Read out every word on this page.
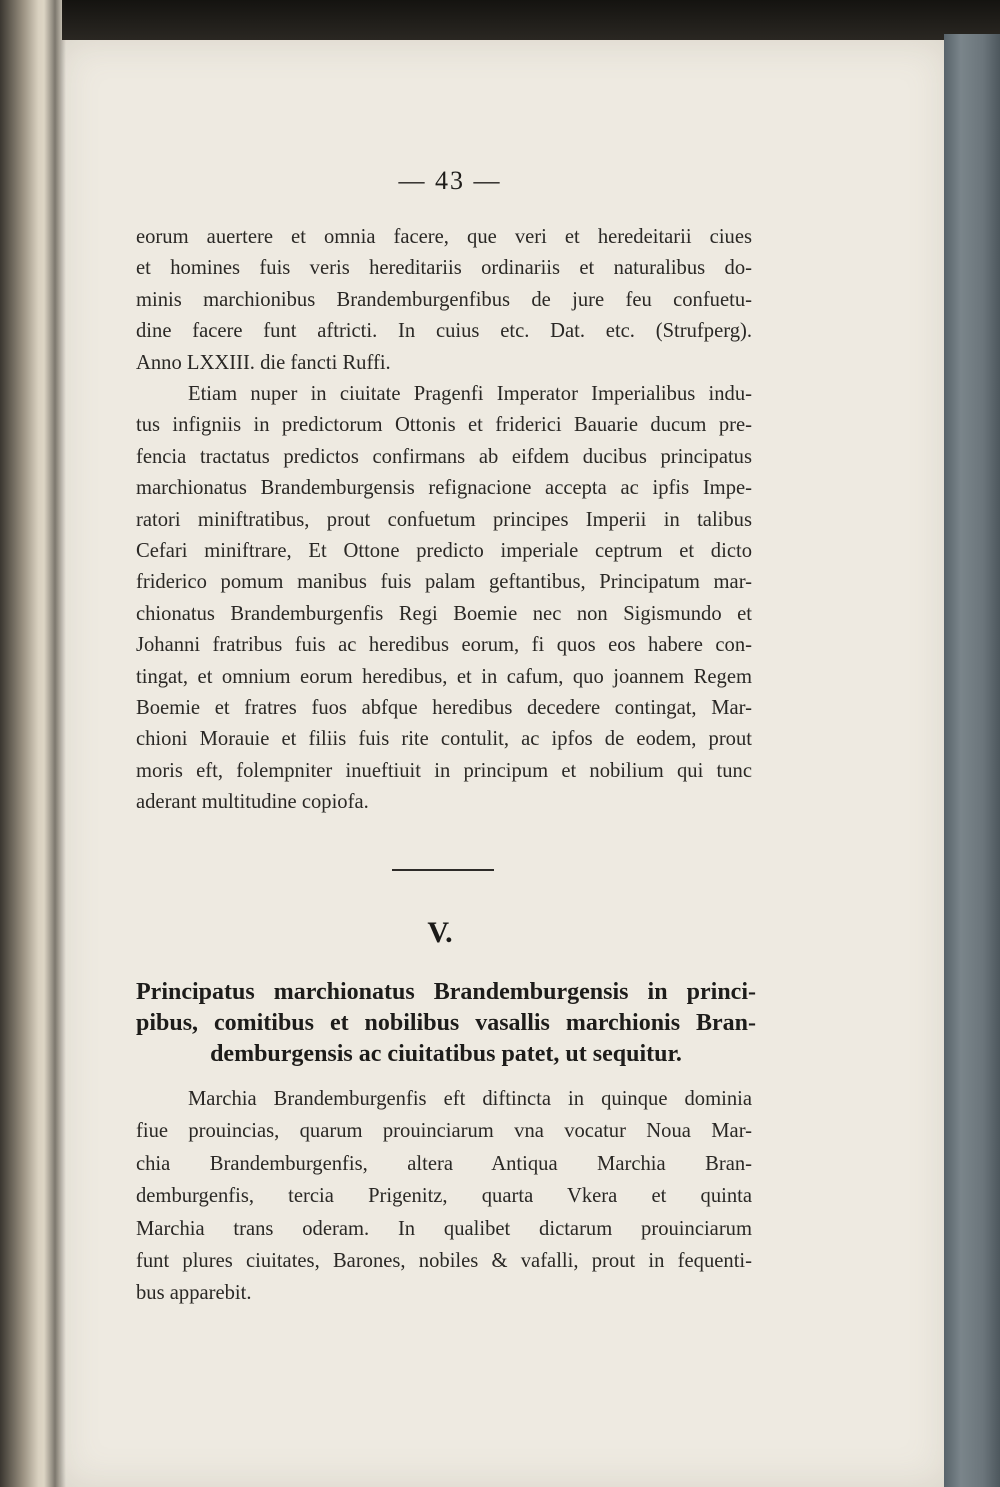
— 43 —
eorum auertere et omnia facere, que veri et heredeitarii ciues
et homines fuis veris hereditariis ordinariis et naturalibus do-
minis marchionibus Brandemburgenfibus de jure feu confuetu-
dine facere funt aftricti. In cuius etc. Dat. etc. (Strufperg).
Anno LXXIII. die fancti Ruffi.
Etiam nuper in ciuitate Pragenfi Imperator Imperialibus indu-
tus infigniis in predictorum Ottonis et friderici Bauarie ducum pre-
fencia tractatus predictos confirmans ab eifdem ducibus principatus
marchionatus Brandemburgensis refignacione accepta ac ipfis Impe-
ratori miniftratibus, prout confuetum principes Imperii in talibus
Cefari miniftrare, Et Ottone predicto imperiale ceptrum et dicto
friderico pomum manibus fuis palam geftantibus, Principatum mar-
chionatus Brandemburgenfis Regi Boemie nec non Sigismundo et
Johanni fratribus fuis ac heredibus eorum, fi quos eos habere con-
tingat, et omnium eorum heredibus, et in cafum, quo joannem Regem
Boemie et fratres fuos abfque heredibus decedere contingat, Mar-
chioni Morauie et filiis fuis rite contulit, ac ipfos de eodem, prout
moris eft, folempniter inueftiuit in principum et nobilium qui tunc
aderant multitudine copiofa.
V.
Principatus marchionatus Brandemburgensis in princi-
pibus, comitibus et nobilibus vasallis marchionis Bran-
demburgensis ac ciuitatibus patet, ut sequitur.
Marchia Brandemburgenfis eft diftincta in quinque dominia
fiue prouincias, quarum prouinciarum vna vocatur Noua Mar-
chia Brandemburgenfis, altera Antiqua Marchia Bran-
demburgenfis, tercia Prigenitz, quarta Vkera et quinta
Marchia trans oderam. In qualibet dictarum prouinciarum
funt plures ciuitates, Barones, nobiles & vafalli, prout in fequenti-
bus apparebit.
